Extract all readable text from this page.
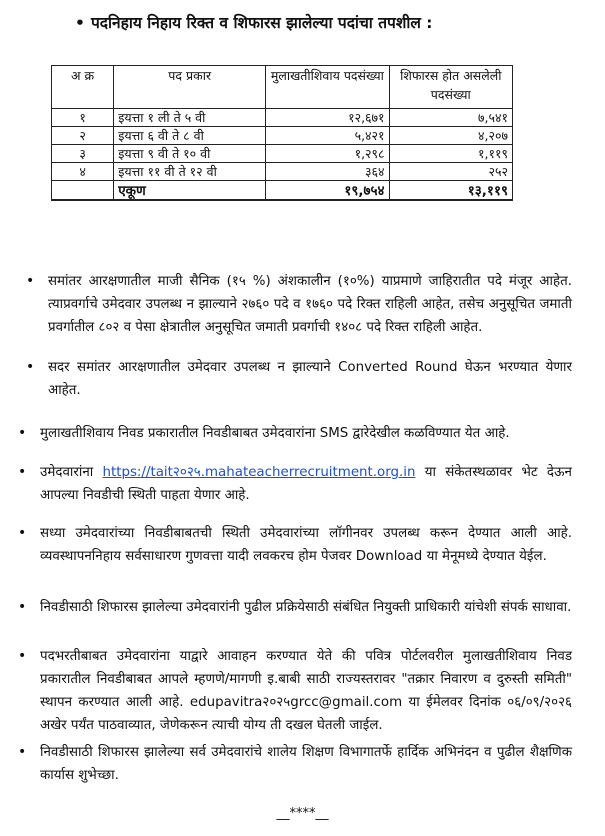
• पदनिहाय निहाय रिक्त व शिफारस झालेल्या पदांचा तपशील :
अ क्र	पद प्रकार	मुलाखतीशिवाय पदसंख्या	शिफारस होत असलेली पदसंख्या
१	इयत्ता १ ली ते ५ वी	१२,६७१	७,५४१
२	इयत्ता ६ वी ते ८ वी	५,४२१	४,२०७
३	इयत्ता ९ वी ते १० वी	१,२९८	१,११९
४	इयत्ता ११ वी ते १२ वी	३६४	२५२
	एकूण	१९,७५४	१३,११९
• समांतर आरक्षणातील माजी सैनिक (१५ %) अंशकालीन (१०%) याप्रमाणे जाहिरातीत पदे मंजूर आहेत. त्याप्रवर्गाचे उमेदवार उपलब्ध न झाल्याने २७६० पदे व १७६० पदे रिक्त राहिली आहेत, तसेच अनुसूचित जमाती प्रवर्गातील ८०२ व पेसा क्षेत्रातील अनुसूचित जमाती प्रवर्गाची १४०८ पदे रिक्त राहिली आहेत.
• सदर समांतर आरक्षणातील उमेदवार उपलब्ध न झाल्याने Converted Round घेऊन भरण्यात येणार आहेत.
• मुलाखतीशिवाय निवड प्रकारातील निवडीबाबत उमेदवारांना SMS द्वारेदेखील कळविण्यात येत आहे.
• उमेदवारांना https://tait२०२५.mahateacherrecruitment.org.in या संकेतस्थळावर भेट देऊन आपल्या निवडीची स्थिती पाहता येणार आहे.
• सध्या उमेदवारांच्या निवडीबाबतची स्थिती उमेदवारांच्या लॉगीनवर उपलब्ध करून देण्यात आली आहे. व्यवस्थापननिहाय सर्वसाधारण गुणवत्ता यादी लवकरच होम पेजवर Download या मेनूमध्ये देण्यात येईल.
• निवडीसाठी शिफारस झालेल्या उमेदवारांनी पुढील प्रक्रियेसाठी संबंधित नियुक्ती प्राधिकारी यांचेशी संपर्क साधावा.
• पदभरतीबाबत उमेदवारांना याद्वारे आवाहन करण्यात येते की पवित्र पोर्टलवरील मुलाखतीशिवाय निवड प्रकारातील निवडीबाबत आपले म्हणणे/मागणी इ.बाबी साठी राज्यस्तरावर "तक्रार निवारण व दुरुस्ती समिती" स्थापन करण्यात आली आहे. edupavitra२०२५grcc@gmail.com या ईमेलवर दिनांक ०६/०९/२०२६ अखेर पर्यंत पाठवाव्यात, जेणेकरून त्याची योग्य ती दखल घेतली जाईल.
• निवडीसाठी शिफारस झालेल्या सर्व उमेदवारांचे शालेय शिक्षण विभागातर्फे हार्दिक अभिनंदन व पुढील शैक्षणिक कार्यास शुभेच्छा.
__****__
